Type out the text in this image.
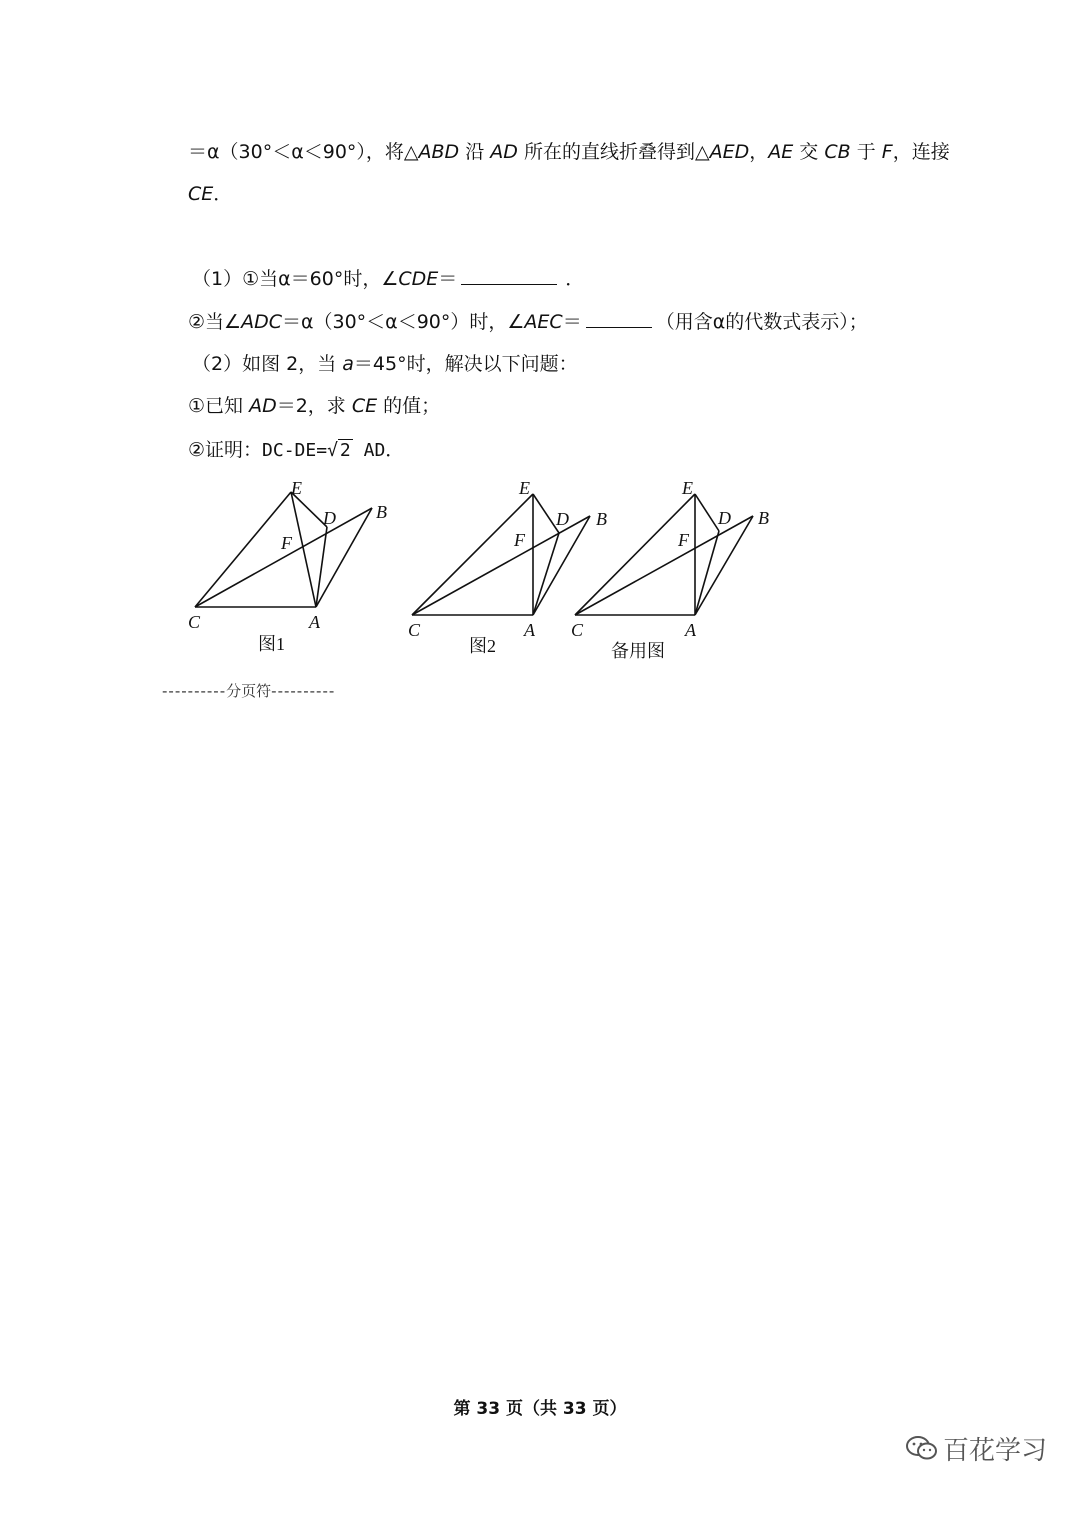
＝α（30°＜α＜90°），将△ABD 沿 AD 所在的直线折叠得到△AED，AE 交 CB 于 F，连接
CE．
（1）①当α＝60°时，∠CDE＝	．
②当∠ADC＝α（30°＜α＜90°）时，∠AEC＝	（用含α的代数式表示）；
（2）如图 2，当 a＝45°时，解决以下问题：
①已知 AD＝2，求 CE 的值；
②证明：DC-DE=√ 2 AD．
E
D B
F
C	A
图1
E
D B
F
C	A
图2
E
D B
F
C	A
备用图
----------分页符----------
第 33 页（共 33 页）
百花学习
